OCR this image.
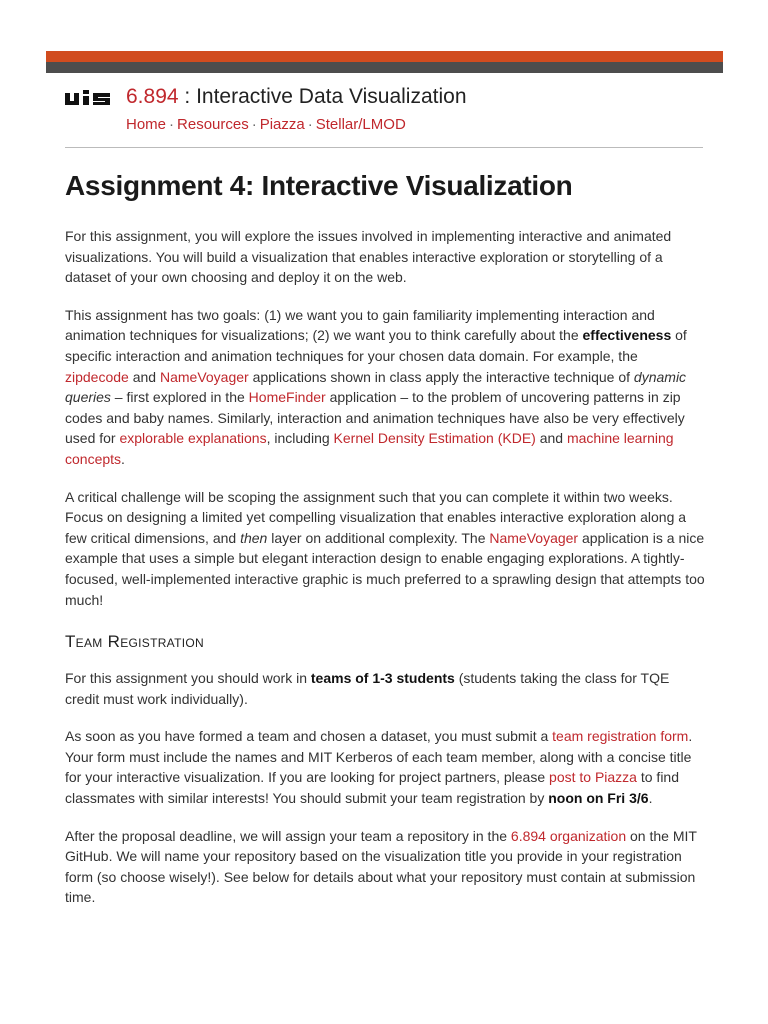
6.894 : Interactive Data Visualization
Home · Resources · Piazza · Stellar/LMOD
Assignment 4: Interactive Visualization

For this assignment, you will explore the issues involved in implementing interactive and animated visualizations. You will build a visualization that enables interactive exploration or storytelling of a dataset of your own choosing and deploy it on the web.

This assignment has two goals: (1) we want you to gain familiarity implementing interaction and animation techniques for visualizations; (2) we want you to think carefully about the effectiveness of specific interaction and animation techniques for your chosen data domain. For example, the zipdecode and NameVoyager applications shown in class apply the interactive technique of dynamic queries – first explored in the HomeFinder application – to the problem of uncovering patterns in zip codes and baby names. Similarly, interaction and animation techniques have also be very effectively used for explorable explanations, including Kernel Density Estimation (KDE) and machine learning concepts.

A critical challenge will be scoping the assignment such that you can complete it within two weeks. Focus on designing a limited yet compelling visualization that enables interactive exploration along a few critical dimensions, and then layer on additional complexity. The NameVoyager application is a nice example that uses a simple but elegant interaction design to enable engaging explorations. A tightly-focused, well-implemented interactive graphic is much preferred to a sprawling design that attempts too much!

Team Registration

For this assignment you should work in teams of 1-3 students (students taking the class for TQE credit must work individually).

As soon as you have formed a team and chosen a dataset, you must submit a team registration form. Your form must include the names and MIT Kerberos of each team member, along with a concise title for your interactive visualization. If you are looking for project partners, please post to Piazza to find classmates with similar interests! You should submit your team registration by noon on Fri 3/6.

After the proposal deadline, we will assign your team a repository in the 6.894 organization on the MIT GitHub. We will name your repository based on the visualization title you provide in your registration form (so choose wisely!). See below for details about what your repository must contain at submission time.
